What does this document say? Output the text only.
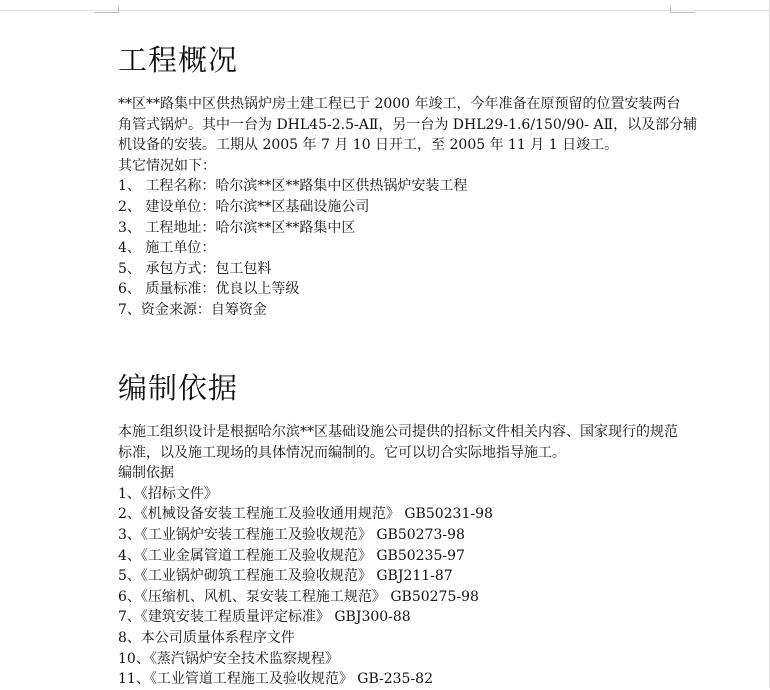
工程概况
**区**路集中区供热锅炉房土建工程已于 2000 年竣工，今年准备在原预留的位置安装两台
角管式锅炉。其中一台为 DHL45-2.5-AⅡ，另一台为 DHL29-1.6/150/90- AⅡ，以及部分辅
机设备的安装。工期从 2005 年 7 月 10 日开工，至 2005 年 11 月 1 日竣工。
其它情况如下：
1、 工程名称：哈尔滨**区**路集中区供热锅炉安装工程
2、 建设单位：哈尔滨**区基础设施公司
3、 工程地址：哈尔滨**区**路集中区
4、 施工单位：
5、 承包方式：包工包料
6、 质量标准：优良以上等级
7、资金来源：自筹资金
编制依据
本施工组织设计是根据哈尔滨**区基础设施公司提供的招标文件相关内容、国家现行的规范
标准，以及施工现场的具体情况而编制的。它可以切合实际地指导施工。
编制依据
1、《招标文件》
2、《机械设备安装工程施工及验收通用规范》 GB50231-98
3、《工业锅炉安装工程施工及验收规范》 GB50273-98
4、《工业金属管道工程施工及验收规范》 GB50235-97
5、《工业锅炉砌筑工程施工及验收规范》 GBJ211-87
6、《压缩机、风机、泵安装工程施工规范》 GB50275-98
7、《建筑安装工程质量评定标准》 GBJ300-88
8、本公司质量体系程序文件
10、《蒸汽锅炉安全技术监察规程》
11、《工业管道工程施工及验收规范》 GB-235-82
